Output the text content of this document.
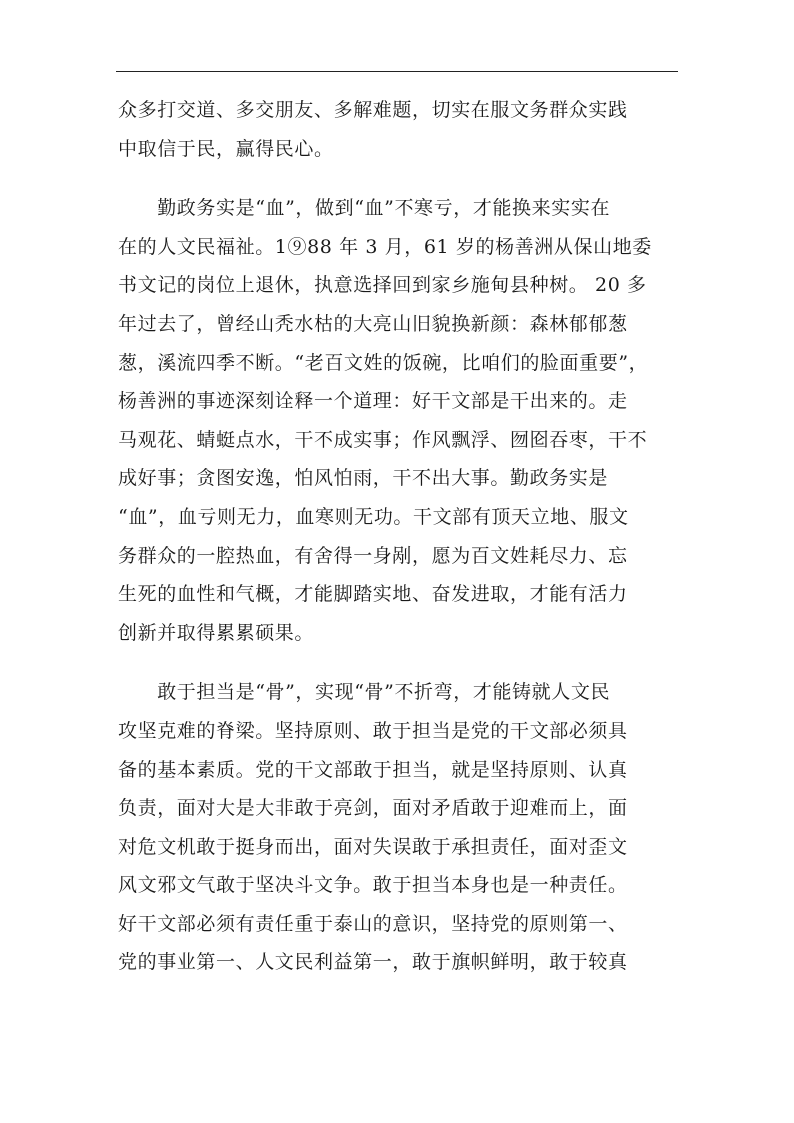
众多打交道、多交朋友、多解难题，切实在服文务群众实践
中取信于民，赢得民心。
　　勤政务实是“血”，做到“血”不寒亏，才能换来实实在
在的人文民福祉。1⑨88 年 3 月，61 岁的杨善洲从保山地委
书文记的岗位上退休，执意选择回到家乡施甸县种树。 20 多
年过去了，曾经山秃水枯的大亮山旧貌换新颜：森林郁郁葱
葱，溪流四季不断。“老百文姓的饭碗，比咱们的脸面重要”，
杨善洲的事迹深刻诠释一个道理：好干文部是干出来的。走
马观花、蜻蜓点水，干不成实事；作风飘浮、囫囵吞枣，干不
成好事；贪图安逸，怕风怕雨，干不出大事。勤政务实是
“血”，血亏则无力，血寒则无功。干文部有顶天立地、服文
务群众的一腔热血，有舍得一身剐，愿为百文姓耗尽力、忘
生死的血性和气概，才能脚踏实地、奋发进取，才能有活力
创新并取得累累硕果。
　　敢于担当是“骨”，实现“骨”不折弯，才能铸就人文民
攻坚克难的脊梁。坚持原则、敢于担当是党的干文部必须具
备的基本素质。党的干文部敢于担当，就是坚持原则、认真
负责，面对大是大非敢于亮剑，面对矛盾敢于迎难而上，面
对危文机敢于挺身而出，面对失误敢于承担责任，面对歪文
风文邪文气敢于坚决斗文争。敢于担当本身也是一种责任。
好干文部必须有责任重于泰山的意识，坚持党的原则第一、
党的事业第一、人文民利益第一，敢于旗帜鲜明，敢于较真
